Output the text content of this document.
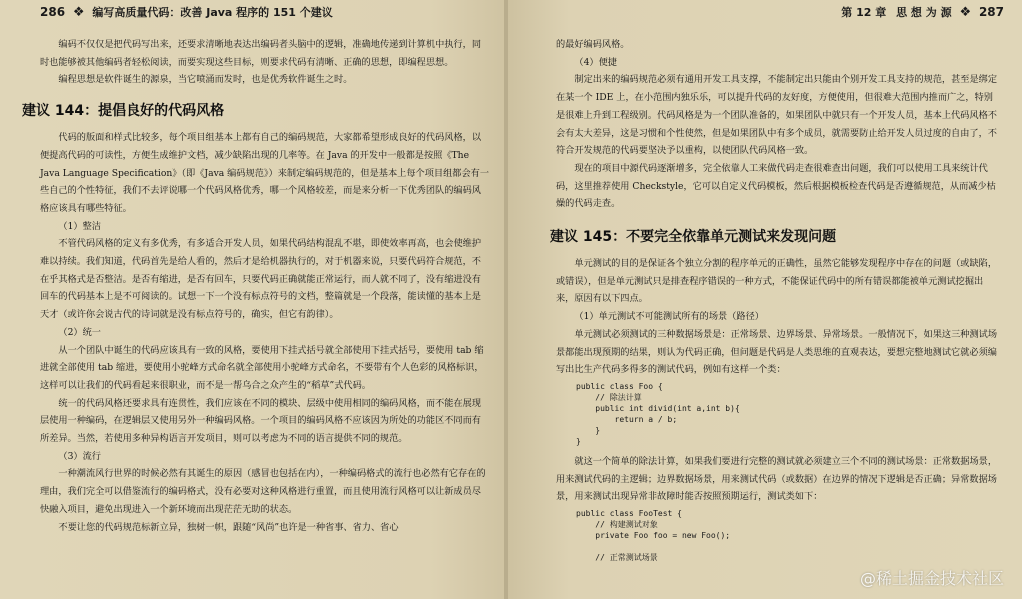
286 ❖ 编写高质量代码：改善 Java 程序的 151 个建议

编码不仅仅是把代码写出来，还要求清晰地表达出编码者头脑中的逻辑，准确地传递到计算机中执行，同时也能够被其他编码者轻松阅读，而要实现这些目标，则要求代码有清晰、正确的思想，即编程思想。

编程思想是软件诞生的源泉，当它喷涌而发时，也是优秀软件诞生之时。

建议 144：提倡良好的代码风格

代码的版面和样式比较多，每个项目组基本上都有自己的编码规范，大家都希望形成良好的代码风格，以便提高代码的可读性，方便生成维护文档，减少缺陷出现的几率等。在 Java 的开发中一般都是按照《The Java Language Specification》（即《Java 编码规范》）来制定编码规范的，但是基本上每个项目组都会有一些自己的个性特征，我们不去评说哪一个代码风格优秀，哪一个风格较差，而是来分析一下优秀团队的编码风格应该具有哪些特征。

（1）整洁

不管代码风格的定义有多优秀，有多适合开发人员，如果代码结构混乱不堪，即使效率再高，也会使维护难以持续。我们知道，代码首先是给人看的，然后才是给机器执行的，对于机器来说，只要代码符合规范，不在乎其格式是否整洁。是否有缩进，是否有回车，只要代码正确就能正常运行，而人就不同了，没有缩进没有回车的代码基本上是不可阅读的。试想一下一个没有标点符号的文档，整篇就是一个段落，能读懂的基本上是天才（或许你会说古代的诗词就是没有标点符号的，确实，但它有韵律）。

（2）统一

从一个团队中诞生的代码应该具有一致的风格，要使用下挂式括号就全部使用下挂式括号，要使用 tab 缩进就全部使用 tab 缩进，要使用小驼峰方式命名就全部使用小驼峰方式命名，不要带有个人色彩的风格标识，这样可以让我们的代码看起来很职业，而不是一帮乌合之众产生的“稻草”式代码。

统一的代码风格还要求具有连贯性，我们应该在不同的模块、层级中使用相同的编码风格，而不能在展现层使用一种编码，在逻辑层又使用另外一种编码风格。一个项目的编码风格不应该因为所处的功能区不同而有所差异。当然，若使用多种异构语言开发项目，则可以考虑为不同的语言提供不同的规范。

（3）流行

一种潮流风行世界的时候必然有其诞生的原因（感冒也包括在内），一种编码格式的流行也必然有它存在的理由，我们完全可以借鉴流行的编码格式，没有必要对这种风格进行重置，而且使用流行风格可以让新成员尽快融入项目，避免出现进入一个新环境而出现茫茫无助的状态。

不要让您的代码规范标新立异，独树一帜，跟随“风尚”也许是一种省事、省力、省心

第 12 章 思 想 为 源 ❖ 287

的最好编码风格。

（4）便捷

制定出来的编码规范必须有通用开发工具支撑，不能制定出只能由个别开发工具支持的规范，甚至是绑定在某一个 IDE 上，在小范围内独乐乐，可以提升代码的友好度，方便使用，但很难大范围内推而广之，特别是很难上升到工程级别。代码风格是为一个团队准备的，如果团队中就只有一个开发人员，基本上代码风格不会有太大差异，这是习惯和个性使然，但是如果团队中有多个成员，就需要防止给开发人员过度的自由了，不符合开发规范的代码要坚决予以重构，以使团队代码风格一致。

现在的项目中源代码逐渐增多，完全依靠人工来做代码走查很难查出问题，我们可以使用工具来统计代码，这里推荐使用 Checkstyle，它可以自定义代码模板，然后根据模板检查代码是否遵循规范，从而减少枯燥的代码走查。

建议 145：不要完全依靠单元测试来发现问题

单元测试的目的是保证各个独立分割的程序单元的正确性，虽然它能够发现程序中存在的问题（或缺陷，或错误），但是单元测试只是排查程序错误的一种方式，不能保证代码中的所有错误都能被单元测试挖掘出来，原因有以下四点。

（1）单元测试不可能测试所有的场景（路径）

单元测试必须测试的三种数据场景是：正常场景、边界场景、异常场景。一般情况下，如果这三种测试场景都能出现预期的结果，则认为代码正确，但问题是代码是人类思维的直观表达，要想完整地测试它就必须编写出比生产代码多得多的测试代码，例如有这样一个类：

public class Foo {
// 除法计算
public int divid(int a,int b){
return a / b;
}
}

就这一个简单的除法计算，如果我们要进行完整的测试就必须建立三个不同的测试场景：正常数据场景，用来测试代码的主逻辑；边界数据场景，用来测试代码（或数据）在边界的情况下逻辑是否正确；异常数据场景，用来测试出现异常非故障时能否按照预期运行，测试类如下：

public class FooTest {
// 构建测试对象
private Foo foo = new Foo();

// 正常测试场景
@稀土掘金技术社区
